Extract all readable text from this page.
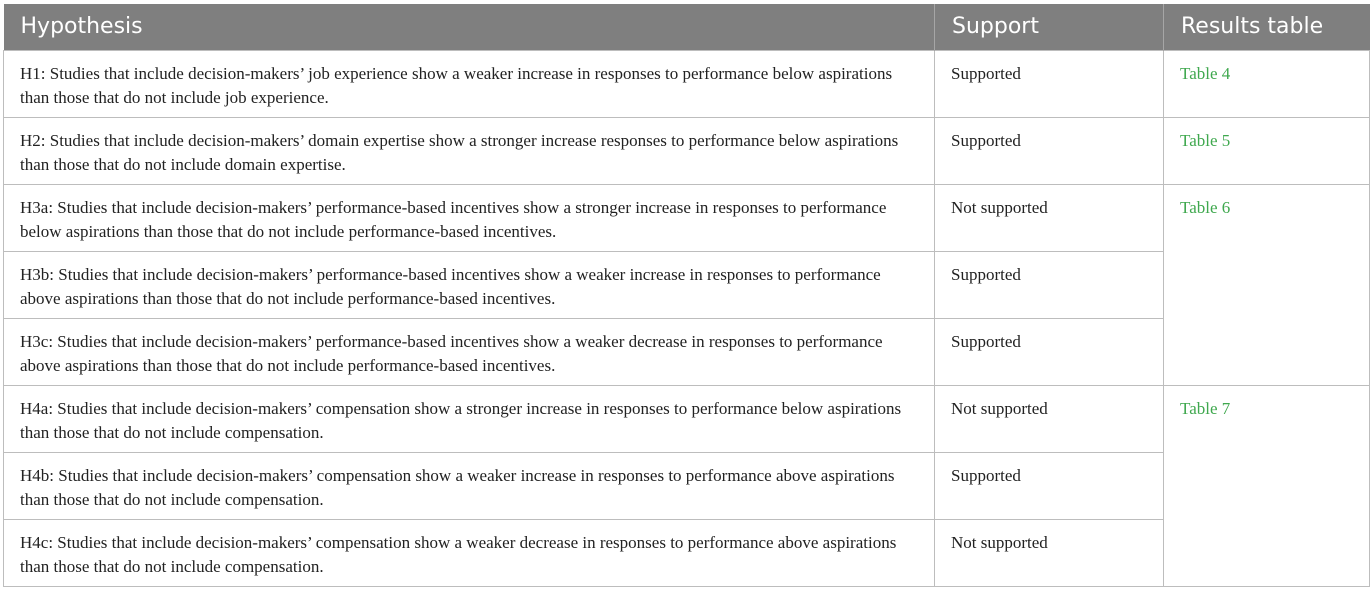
Hypothesis	Support	Results table
H1: Studies that include decision-makers’ job experience show a weaker increase in responses to performance below aspirations than those that do not include job experience.	Supported	Table 4
H2: Studies that include decision-makers’ domain expertise show a stronger increase responses to performance below aspirations than those that do not include domain expertise.	Supported	Table 5
H3a: Studies that include decision-makers’ performance-based incentives show a stronger increase in responses to performance below aspirations than those that do not include performance-based incentives.	Not supported	Table 6
H3b: Studies that include decision-makers’ performance-based incentives show a weaker increase in responses to performance above aspirations than those that do not include performance-based incentives.	Supported	
H3c: Studies that include decision-makers’ performance-based incentives show a weaker decrease in responses to performance above aspirations than those that do not include performance-based incentives.	Supported	
H4a: Studies that include decision-makers’ compensation show a stronger increase in responses to performance below aspirations than those that do not include compensation.	Not supported	Table 7
H4b: Studies that include decision-makers’ compensation show a weaker increase in responses to performance above aspirations than those that do not include compensation.	Supported	
H4c: Studies that include decision-makers’ compensation show a weaker decrease in responses to performance above aspirations than those that do not include compensation.	Not supported	
